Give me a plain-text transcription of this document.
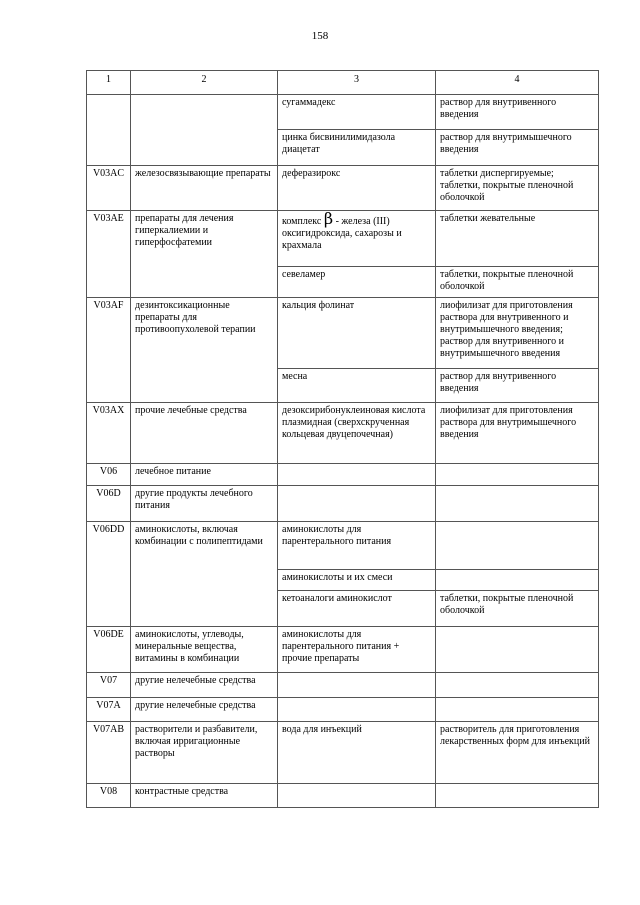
158
1	2	3	4
		сугаммадекс	раствор для внутривенного введения
		цинка бисвинилимидазола диацетат	раствор для внутримышечного введения
V03AC	железосвязывающие препараты	деферазирокс	таблетки диспергируемые; таблетки, покрытые пленочной оболочкой
V03AE	препараты для лечения гиперкалиемии и гиперфосфатемии	комплекс β - железа (III) оксигидроксида, сахарозы и крахмала	таблетки жевательные
		севеламер	таблетки, покрытые пленочной оболочкой
V03AF	дезинтоксикационные препараты для противоопухолевой терапии	кальция фолинат	лиофилизат для приготовления раствора для внутривенного и внутримышечного введения; раствор для внутривенного и внутримышечного введения
		месна	раствор для внутривенного введения
V03AX	прочие лечебные средства	дезоксирибонуклеиновая кислота плазмидная (сверхскрученная кольцевая двуцепочечная)	лиофилизат для приготовления раствора для внутримышечного введения
V06	лечебное питание		
V06D	другие продукты лечебного питания		
V06DD	аминокислоты, включая комбинации с полипептидами	аминокислоты для парентерального питания	
		аминокислоты и их смеси	
		кетоаналоги аминокислот	таблетки, покрытые пленочной оболочкой
V06DE	аминокислоты, углеводы, минеральные вещества, витамины в комбинации	аминокислоты для парентерального питания + прочие препараты	
V07	другие нелечебные средства		
V07A	другие нелечебные средства		
V07AB	растворители и разбавители, включая ирригационные растворы	вода для инъекций	растворитель для приготовления лекарственных форм для инъекций
V08	контрастные средства		
